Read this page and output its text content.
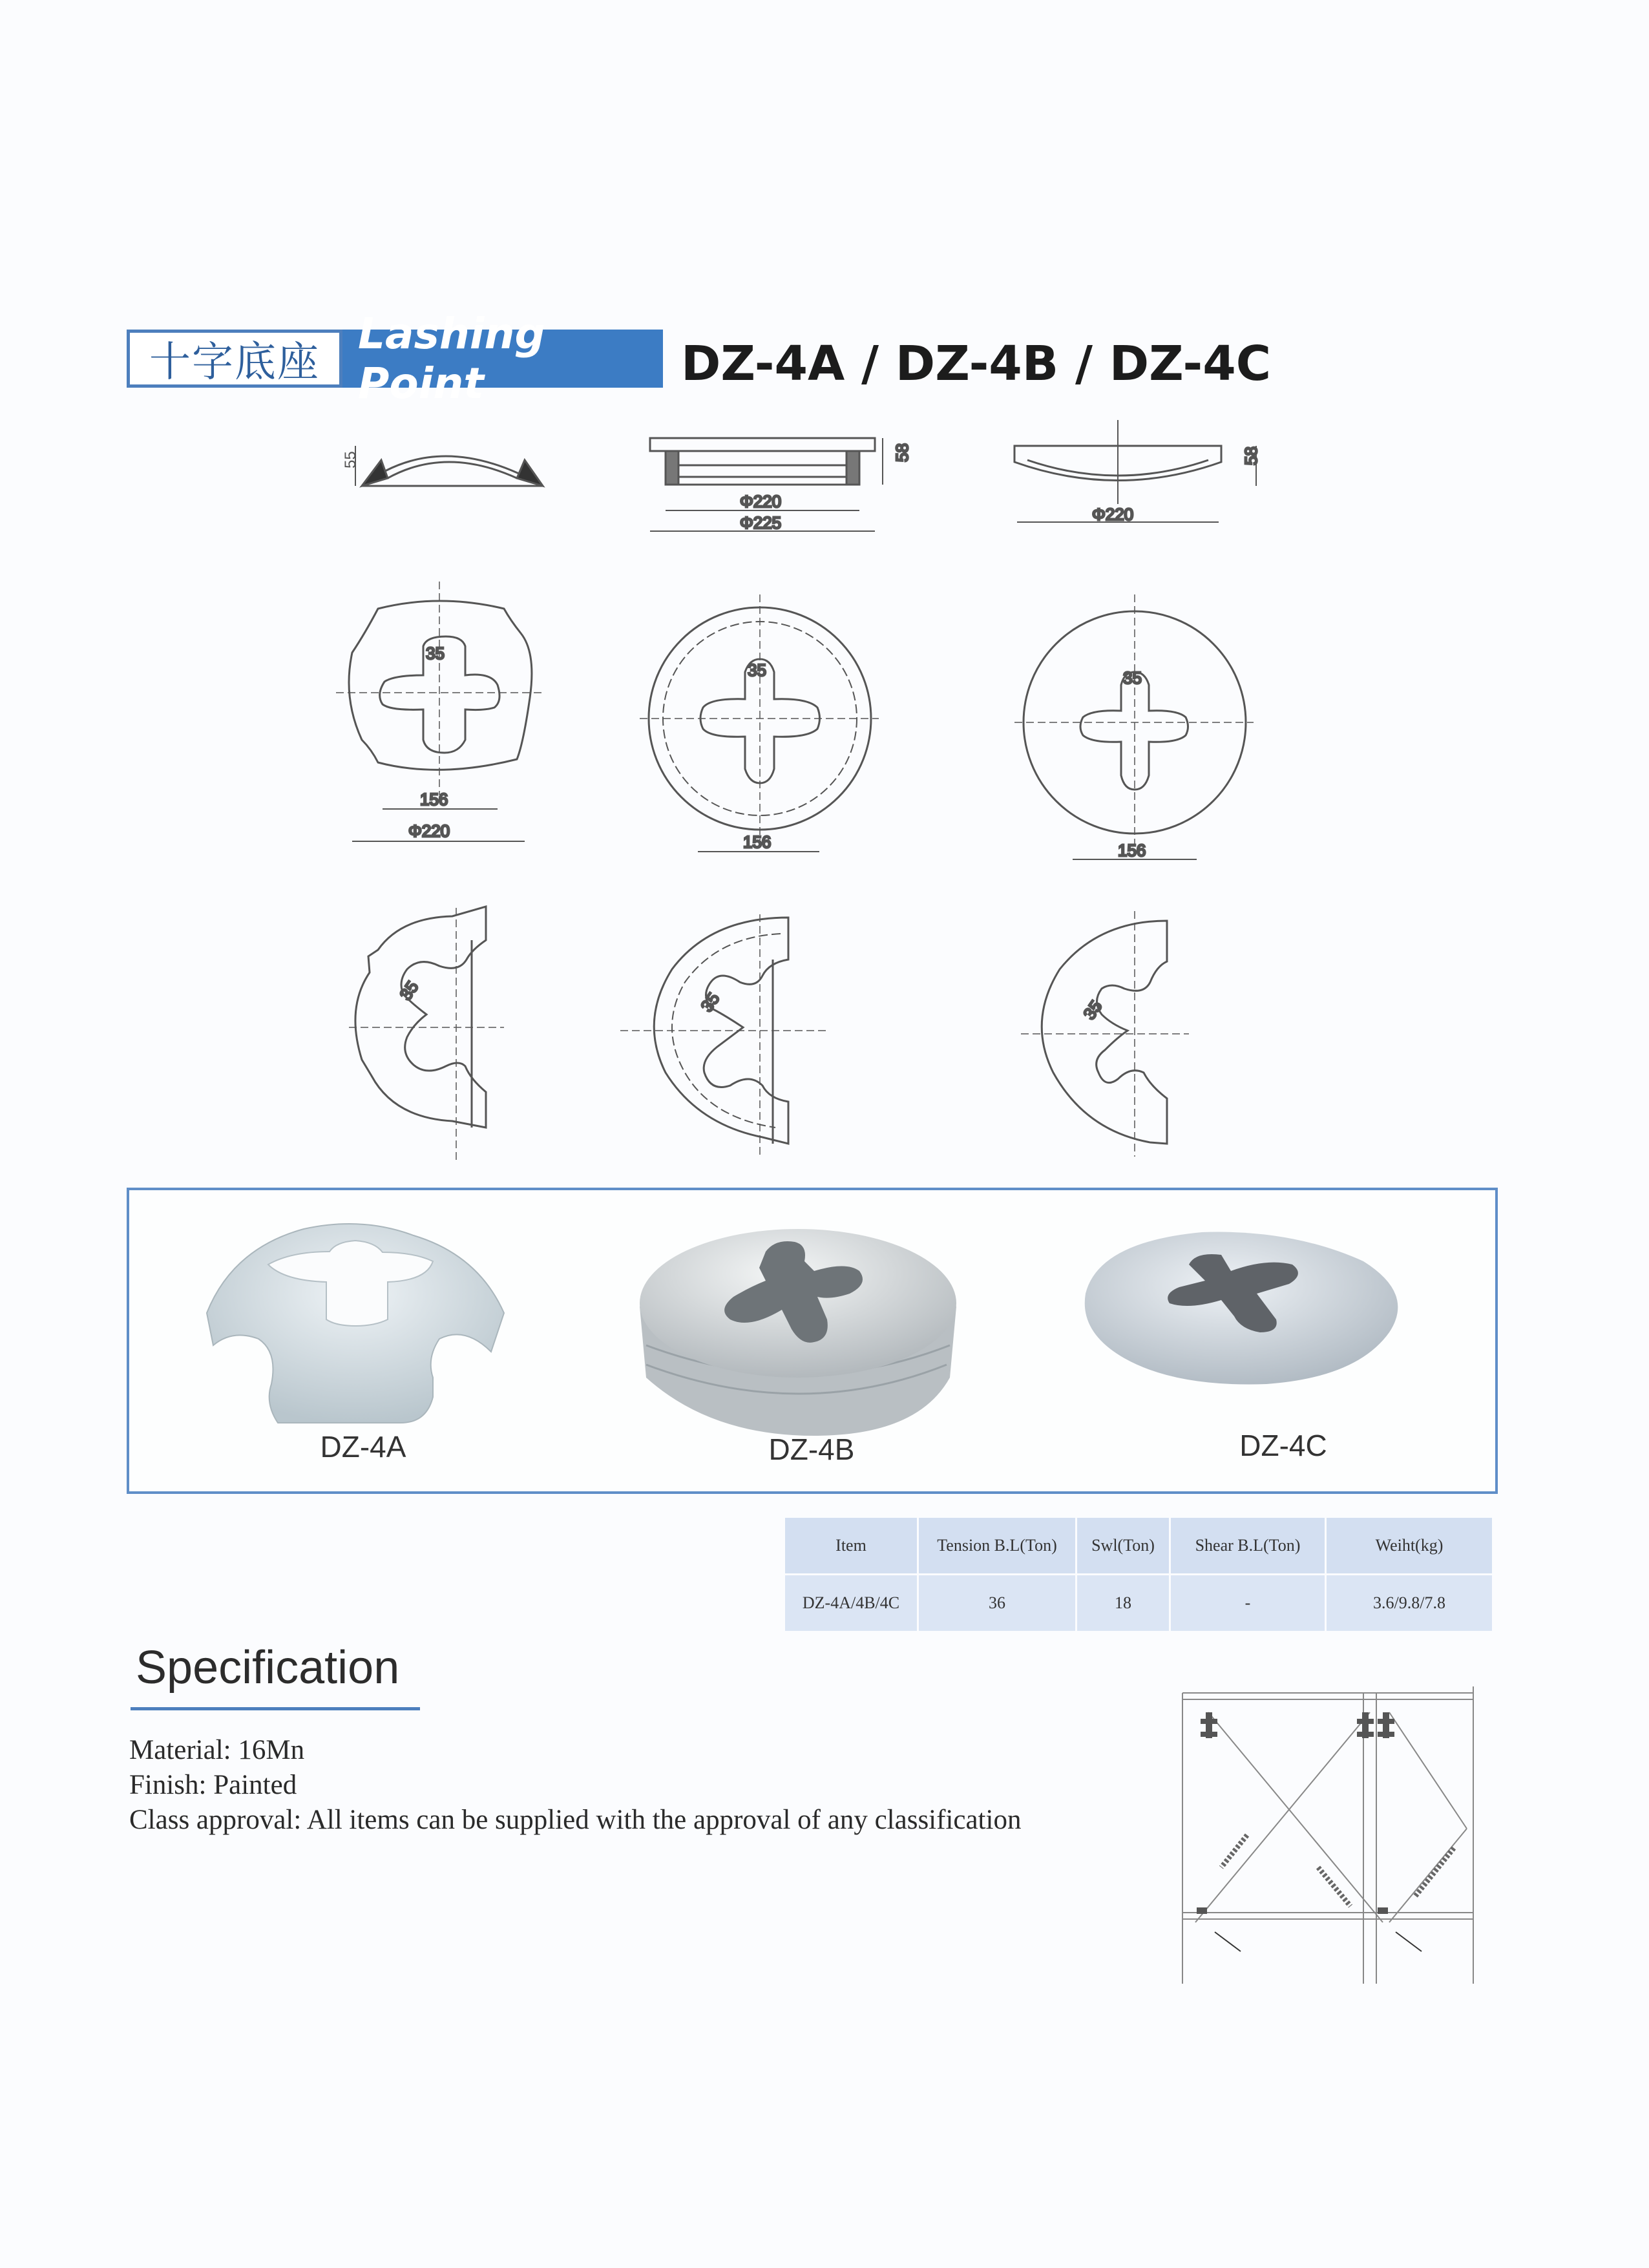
十字底座
Lashing Point	DZ-4A / DZ-4B / DZ-4C
55
Φ220
Φ225
58
Φ220
58
35
156
Φ220
35
156
35
156
35	35	35
DZ-4A	DZ-4B	DZ-4C
Item	Tension B.L(Ton)	Swl(Ton)	Shear B.L(Ton)	Weiht(kg)
DZ-4A/4B/4C	36	18	-	3.6/9.8/7.8
Specification
Material: 16Mn
Finish: Painted
Class approval: All items can be supplied with the approval of any classification
